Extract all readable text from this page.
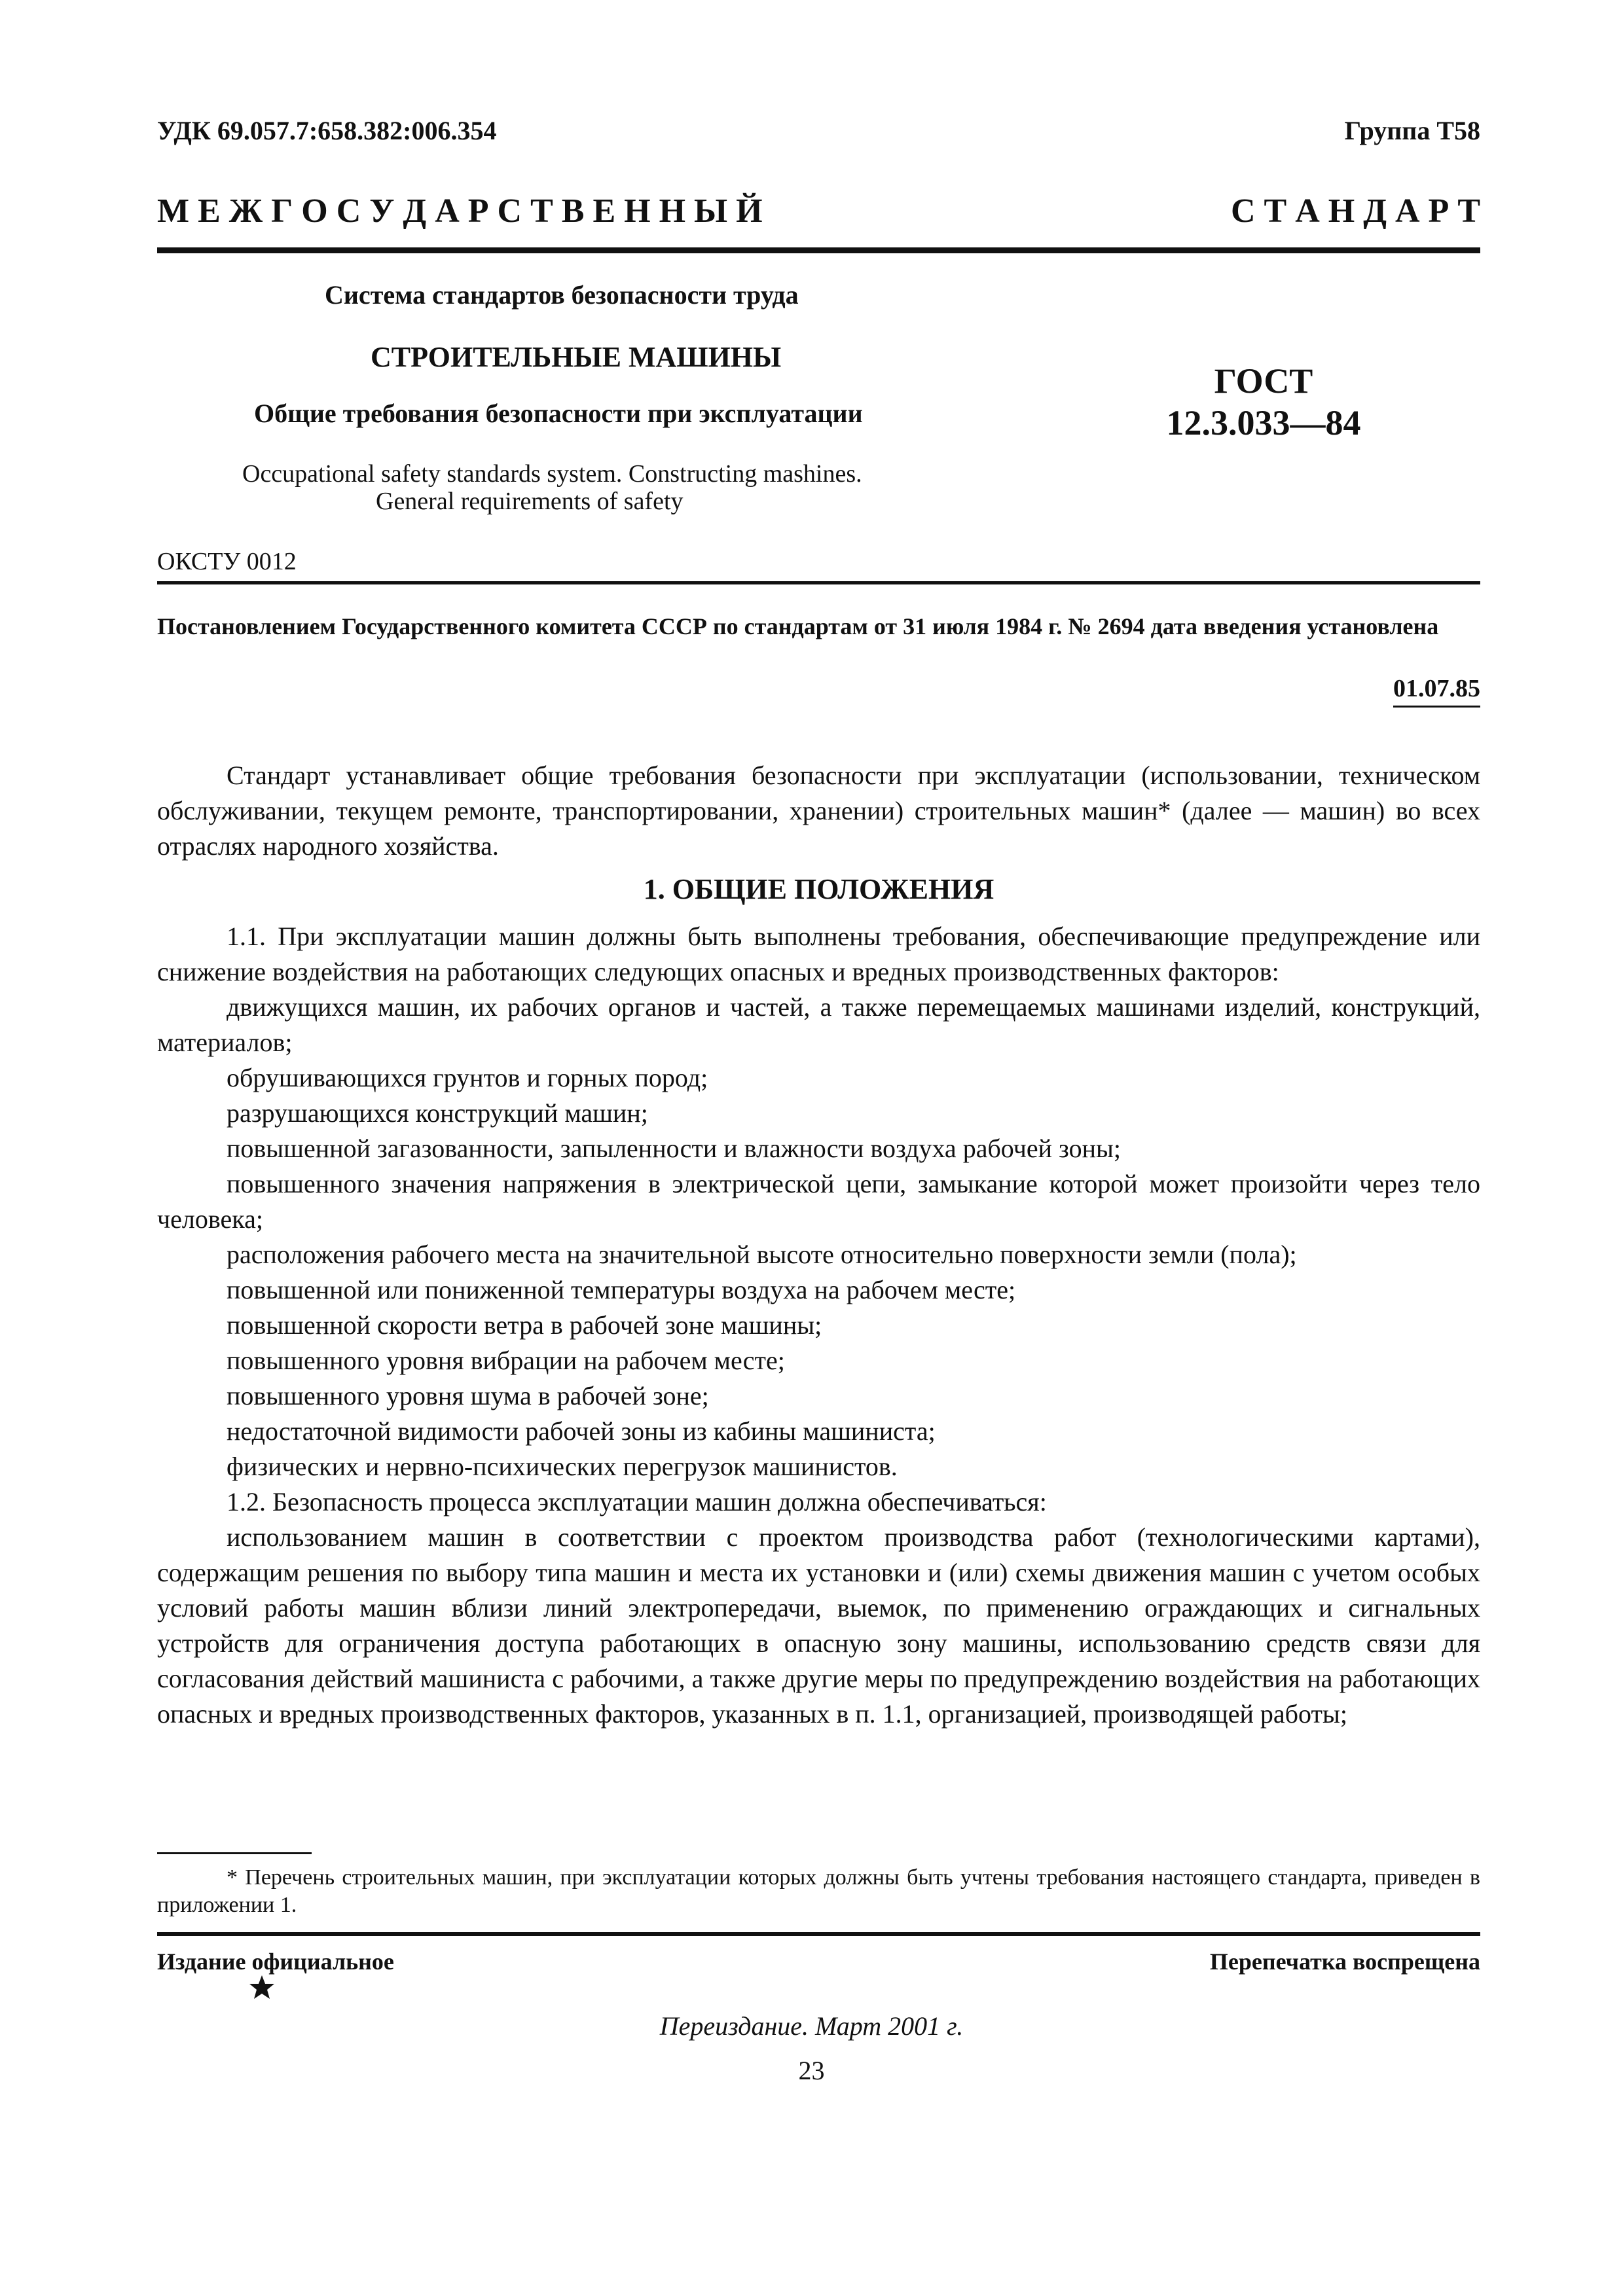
УДК 69.057.7:658.382:006.354	Группа Т58
М Е Ж Г О С У Д А Р С Т В Е Н Н Ы Й	С Т А Н Д А Р Т
Система стандартов безопасности труда
СТРОИТЕЛЬНЫЕ МАШИНЫ
Общие требования безопасности при эксплуатации
ГОСТ
12.3.033—84
Occupational safety standards system. Constructing mashines.
General requirements of safety
ОКСТУ 0012
Постановлением Государственного комитета СССР по стандартам от 31 июля 1984 г. № 2694 дата введения установлена
01.07.85

Стандарт устанавливает общие требования безопасности при эксплуатации (использовании, техническом обслуживании, текущем ремонте, транспортировании, хранении) строительных машин* (далее — машин) во всех отраслях народного хозяйства.

1. ОБЩИЕ ПОЛОЖЕНИЯ

1.1. При эксплуатации машин должны быть выполнены требования, обеспечивающие предупреждение или снижение воздействия на работающих следующих опасных и вредных производственных факторов:

движущихся машин, их рабочих органов и частей, а также перемещаемых машинами изделий, конструкций, материалов;

обрушивающихся грунтов и горных пород;

разрушающихся конструкций машин;

повышенной загазованности, запыленности и влажности воздуха рабочей зоны;

повышенного значения напряжения в электрической цепи, замыкание которой может произойти через тело человека;

расположения рабочего места на значительной высоте относительно поверхности земли (пола);

повышенной или пониженной температуры воздуха на рабочем месте;

повышенной скорости ветра в рабочей зоне машины;

повышенного уровня вибрации на рабочем месте;

повышенного уровня шума в рабочей зоне;

недостаточной видимости рабочей зоны из кабины машиниста;

физических и нервно-психических перегрузок машинистов.

1.2. Безопасность процесса эксплуатации машин должна обеспечиваться:

использованием машин в соответствии с проектом производства работ (технологическими картами), содержащим решения по выбору типа машин и места их установки и (или) схемы движения машин с учетом особых условий работы машин вблизи линий электропередачи, выемок, по применению ограждающих и сигнальных устройств для ограничения доступа работающих в опасную зону машины, использованию средств связи для согласования действий машиниста с рабочими, а также другие меры по предупреждению воздействия на работающих опасных и вредных производственных факторов, указанных в п. 1.1, организацией, производящей работы;

* Перечень строительных машин, при эксплуатации которых должны быть учтены требования настоящего стандарта, приведен в приложении 1.
Издание официальное	Перепечатка воспрещена
Переиздание. Март 2001 г.
23
